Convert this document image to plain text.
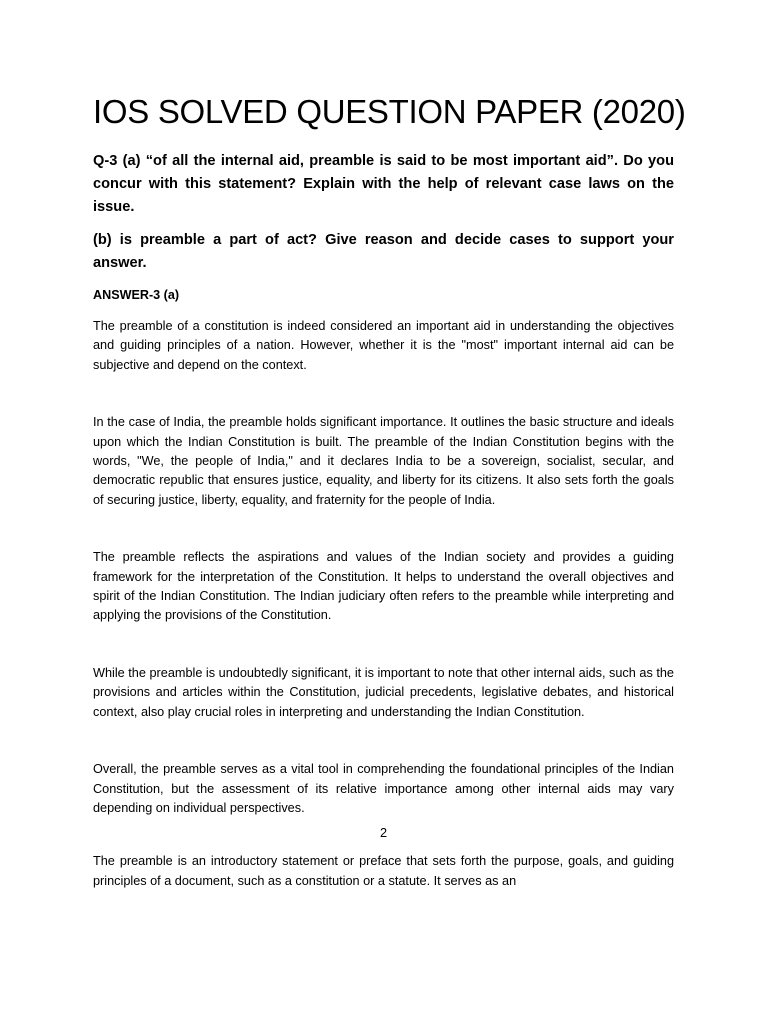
IOS SOLVED QUESTION PAPER (2020)

Q-3 (a) “of all the internal aid, preamble is said to be most important aid”. Do you concur with this statement? Explain with the help of relevant case laws on the issue.

(b) is preamble a part of act? Give reason and decide cases to support your answer.

ANSWER-3 (a)

The preamble of a constitution is indeed considered an important aid in understanding the objectives and guiding principles of a nation. However, whether it is the "most" important internal aid can be subjective and depend on the context.

In the case of India, the preamble holds significant importance. It outlines the basic structure and ideals upon which the Indian Constitution is built. The preamble of the Indian Constitution begins with the words, "We, the people of India," and it declares India to be a sovereign, socialist, secular, and democratic republic that ensures justice, equality, and liberty for its citizens. It also sets forth the goals of securing justice, liberty, equality, and fraternity for the people of India.

The preamble reflects the aspirations and values of the Indian society and provides a guiding framework for the interpretation of the Constitution. It helps to understand the overall objectives and spirit of the Indian Constitution. The Indian judiciary often refers to the preamble while interpreting and applying the provisions of the Constitution.

While the preamble is undoubtedly significant, it is important to note that other internal aids, such as the provisions and articles within the Constitution, judicial precedents, legislative debates, and historical context, also play crucial roles in interpreting and understanding the Indian Constitution.

Overall, the preamble serves as a vital tool in comprehending the foundational principles of the Indian Constitution, but the assessment of its relative importance among other internal aids may vary depending on individual perspectives.

2

The preamble is an introductory statement or preface that sets forth the purpose, goals, and guiding principles of a document, such as a constitution or a statute. It serves as an
